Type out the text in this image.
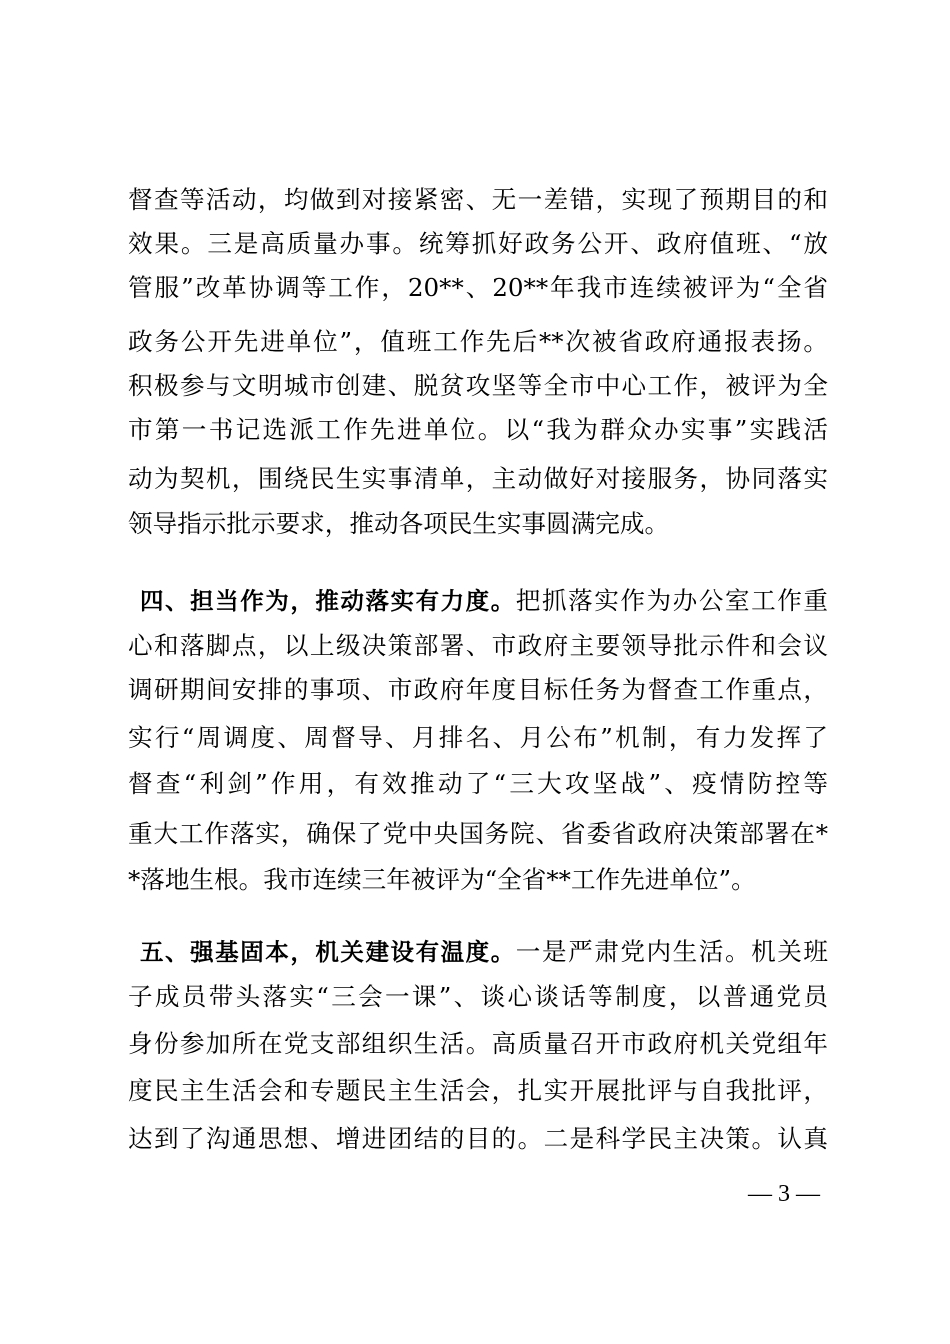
督查等活动，均做到对接紧密、无一差错，实现了预期目的和
效果。三是高质量办事。统筹抓好政务公开、政府值班、“放
管服”改革协调等工作，20**、20**年我市连续被评为“全省
政务公开先进单位”，值班工作先后**次被省政府通报表扬。
积极参与文明城市创建、脱贫攻坚等全市中心工作，被评为全
市第一书记选派工作先进单位。以“我为群众办实事”实践活
动为契机，围绕民生实事清单，主动做好对接服务，协同落实
领导指示批示要求，推动各项民生实事圆满完成。
四、担当作为，推动落实有力度。把抓落实作为办公室工作重
心和落脚点，以上级决策部署、市政府主要领导批示件和会议
调研期间安排的事项、市政府年度目标任务为督查工作重点，
实行“周调度、周督导、月排名、月公布”机制，有力发挥了
督查“利剑”作用，有效推动了“三大攻坚战”、疫情防控等
重大工作落实，确保了党中央国务院、省委省政府决策部署在*
*落地生根。我市连续三年被评为“全省**工作先进单位”。
五、强基固本，机关建设有温度。一是严肃党内生活。机关班
子成员带头落实“三会一课”、谈心谈话等制度，以普通党员
身份参加所在党支部组织生活。高质量召开市政府机关党组年
度民主生活会和专题民主生活会，扎实开展批评与自我批评，
达到了沟通思想、增进团结的目的。二是科学民主决策。认真
— 3 —
